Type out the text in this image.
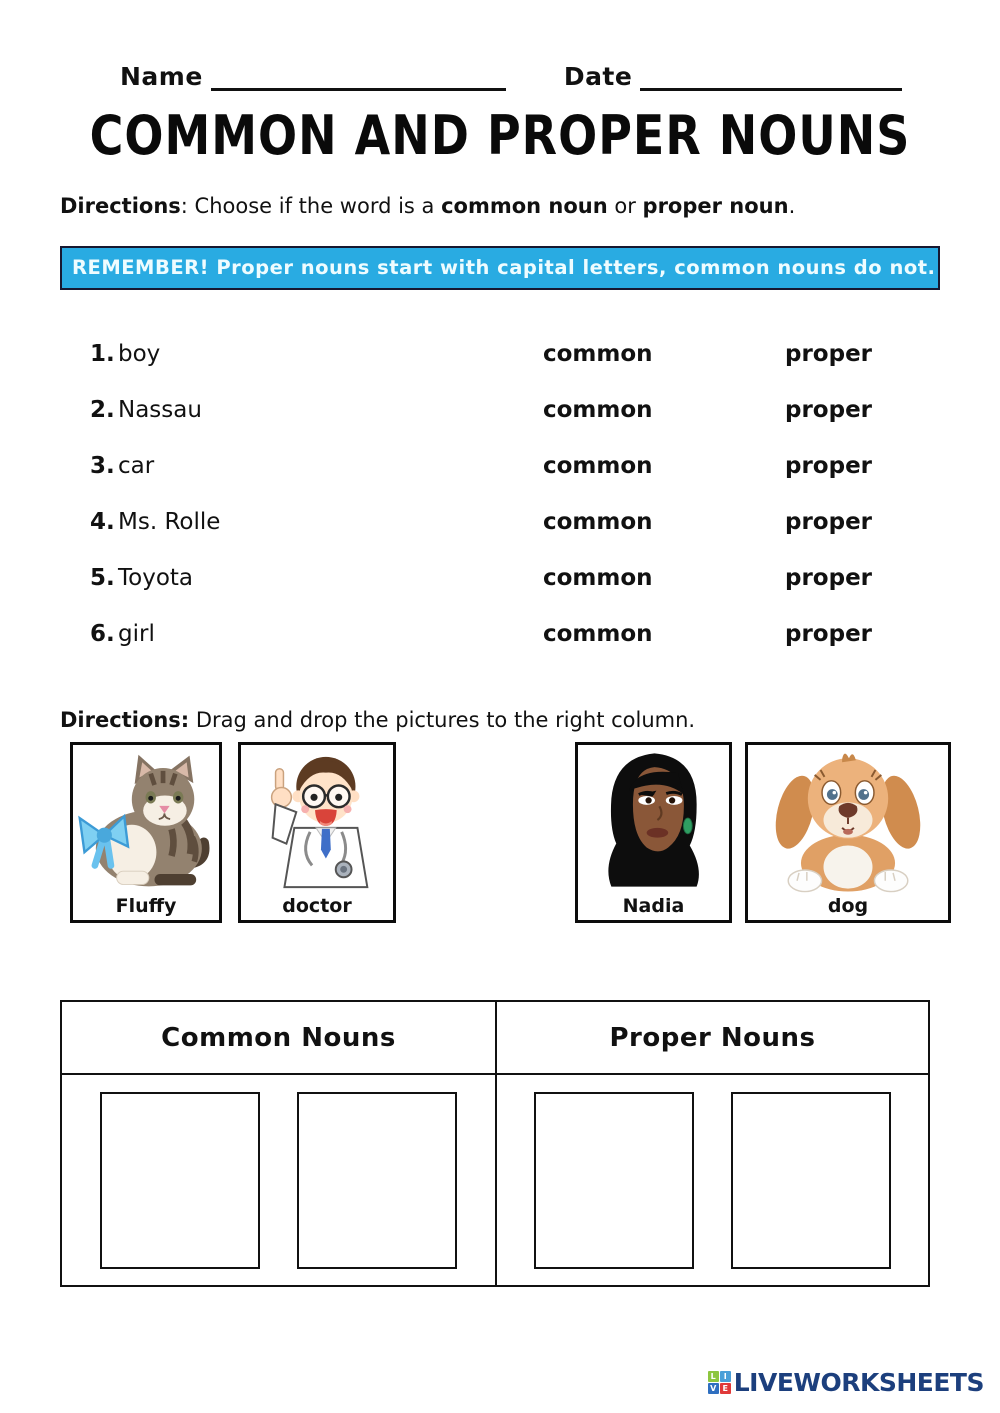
Name	Date
COMMON AND PROPER NOUNS

Directions: Choose if the word is a common noun or proper noun.

REMEMBER! Proper nouns start with capital letters, common nouns do not.
1. boy	common	proper
2. Nassau	common	proper
3. car	common	proper
4. Ms. Rolle	common	proper
5. Toyota	common	proper
6. girl	common	proper

Directions: Drag and drop the pictures to the right column.

Fluffy	doctor	Nadia	dog
Common Nouns	Proper Nouns
L I
V E LIVEWORKSHEETS
